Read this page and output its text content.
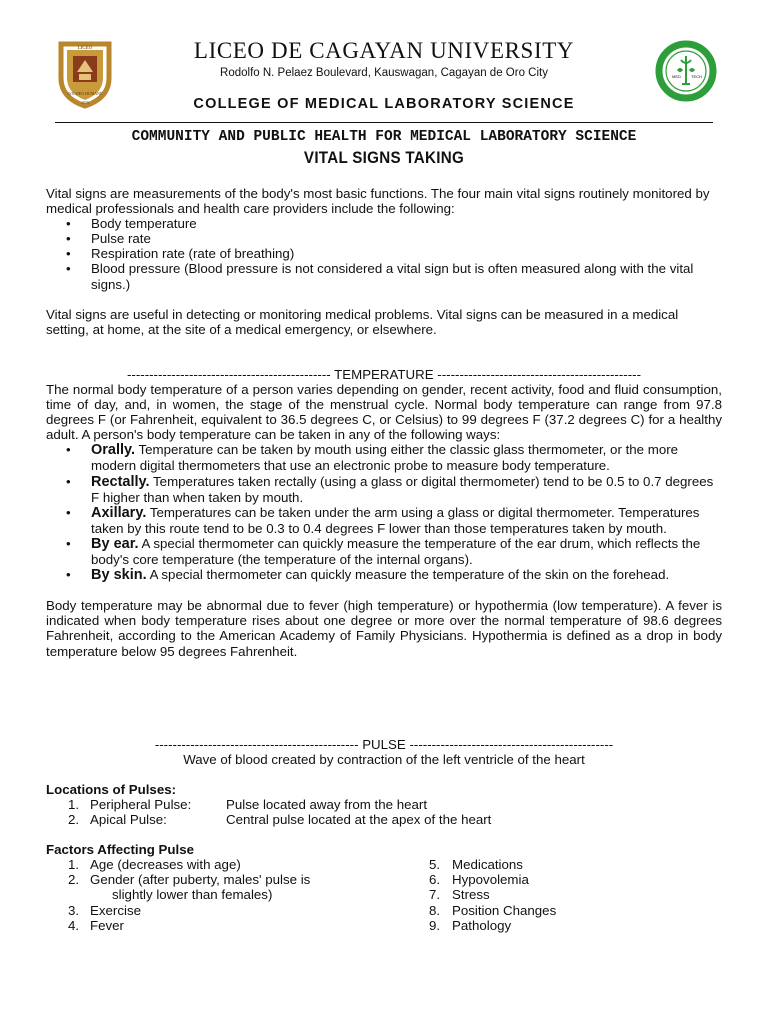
LICEO
GOLDEN HUMANE
1955
MED	TECH
LICEO DE CAGAYAN UNIVERSITY
Rodolfo N. Pelaez Boulevard, Kauswagan, Cagayan de Oro City
COLLEGE OF MEDICAL LABORATORY SCIENCE
COMMUNITY AND PUBLIC HEALTH FOR MEDICAL LABORATORY SCIENCE
VITAL SIGNS TAKING
Vital signs are measurements of the body's most basic functions. The four main vital signs routinely monitored by medical professionals and health care providers include the following:
• Body temperature
• Pulse rate
• Respiration rate (rate of breathing)
• Blood pressure (Blood pressure is not considered a vital sign but is often measured along with the vital signs.)
Vital signs are useful in detecting or monitoring medical problems. Vital signs can be measured in a medical setting, at home, at the site of a medical emergency, or elsewhere.
---------------------------------------------- TEMPERATURE ----------------------------------------------
The normal body temperature of a person varies depending on gender, recent activity, food and fluid consumption, time of day, and, in women, the stage of the menstrual cycle. Normal body temperature can range from 97.8 degrees F (or Fahrenheit, equivalent to 36.5 degrees C, or Celsius) to 99 degrees F (37.2 degrees C) for a healthy adult. A person's body temperature can be taken in any of the following ways:
• Orally. Temperature can be taken by mouth using either the classic glass thermometer, or the more modern digital thermometers that use an electronic probe to measure body temperature.
• Rectally. Temperatures taken rectally (using a glass or digital thermometer) tend to be 0.5 to 0.7 degrees F higher than when taken by mouth.
• Axillary. Temperatures can be taken under the arm using a glass or digital thermometer. Temperatures taken by this route tend to be 0.3 to 0.4 degrees F lower than those temperatures taken by mouth.
• By ear. A special thermometer can quickly measure the temperature of the ear drum, which reflects the body's core temperature (the temperature of the internal organs).
• By skin. A special thermometer can quickly measure the temperature of the skin on the forehead.
Body temperature may be abnormal due to fever (high temperature) or hypothermia (low temperature). A fever is indicated when body temperature rises about one degree or more over the normal temperature of 98.6 degrees Fahrenheit, according to the American Academy of Family Physicians. Hypothermia is defined as a drop in body temperature below 95 degrees Fahrenheit.
---------------------------------------------- PULSE ----------------------------------------------
Wave of blood created by contraction of the left ventricle of the heart
Locations of Pulses:
1. Peripheral Pulse:	Pulse located away from the heart
2. Apical Pulse:	Central pulse located at the apex of the heart
Factors Affecting Pulse
1. Age (decreases with age)
2. Gender (after puberty, males' pulse is
slightly lower than females)
3. Exercise
4. Fever
5. Medications
6. Hypovolemia
7. Stress
8. Position Changes
9. Pathology
